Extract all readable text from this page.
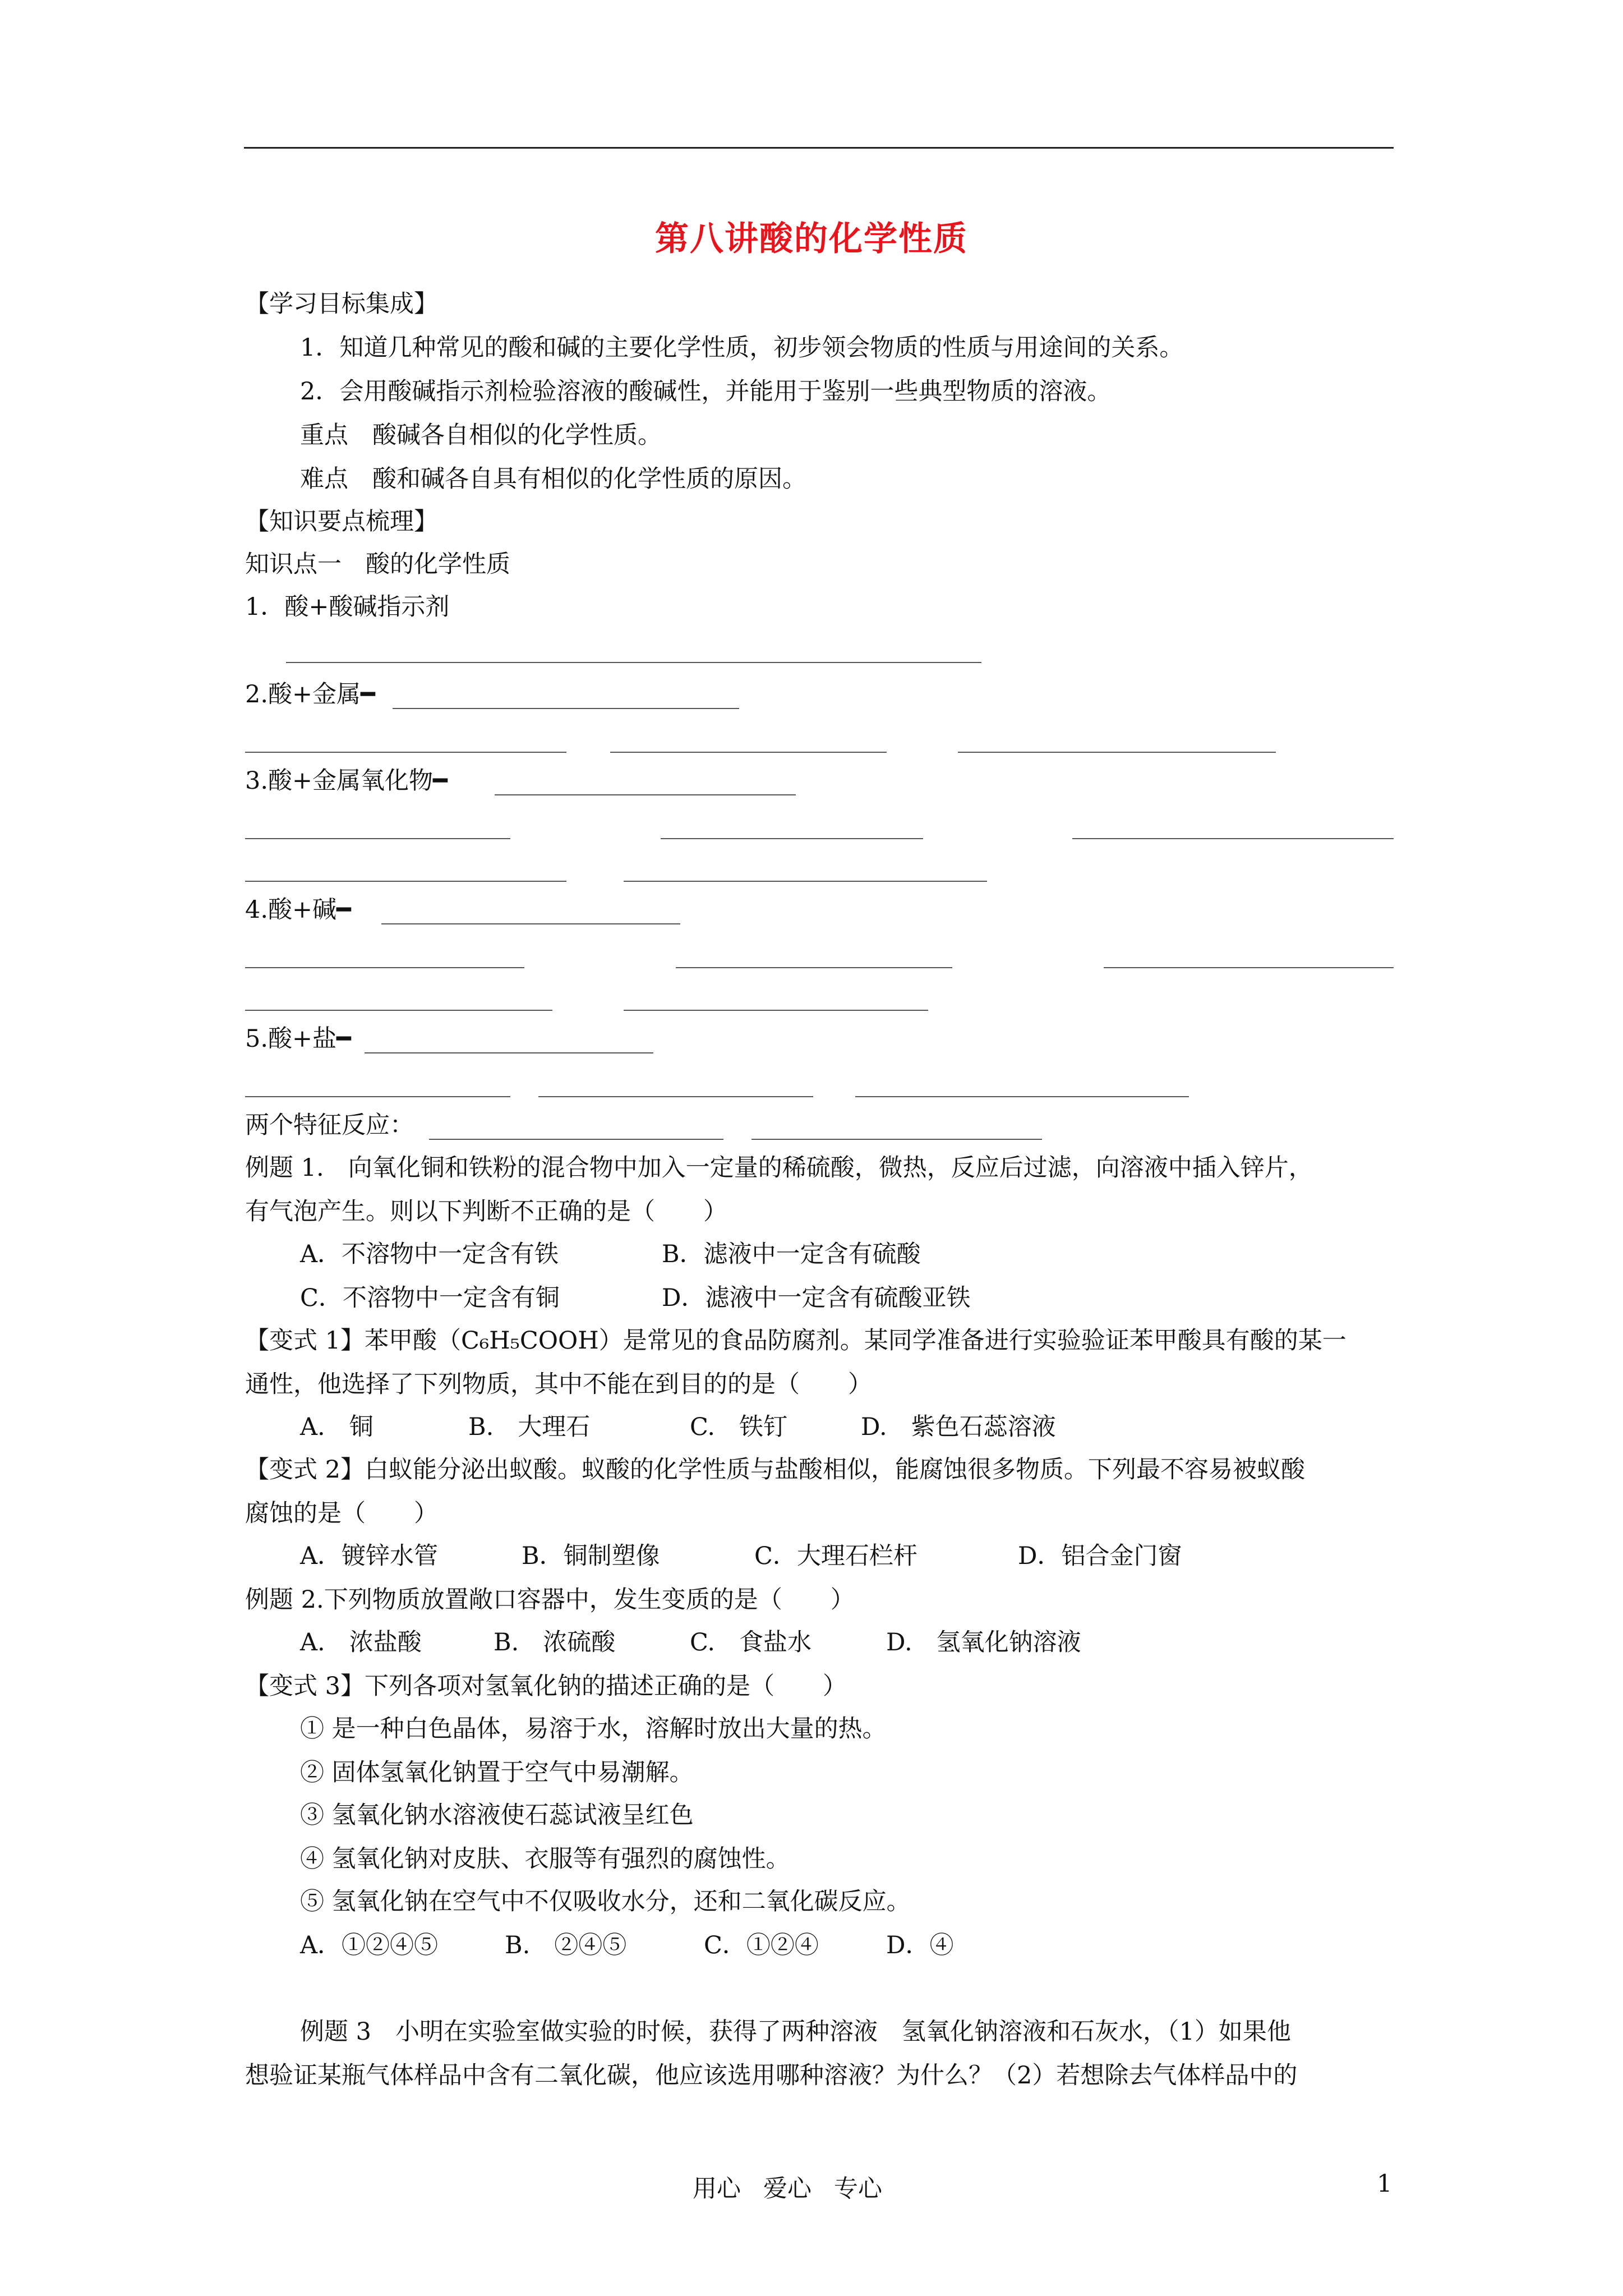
第八讲酸的化学性质
【学习目标集成】
1．知道几种常见的酸和碱的主要化学性质，初步领会物质的性质与用途间的关系。
2．会用酸碱指示剂检验溶液的酸碱性，并能用于鉴别一些典型物质的溶液。
重点　酸碱各自相似的化学性质。
难点　酸和碱各自具有相似的化学性质的原因。
【知识要点梳理】
知识点一　酸的化学性质
1．酸+酸碱指示剂
2.酸+金属━
3.酸+金属氧化物━
4.酸+碱━
5.酸+盐━
两个特征反应：
例题 1.　向氧化铜和铁粉的混合物中加入一定量的稀硫酸，微热，反应后过滤，向溶液中插入锌片，
有气泡产生。则以下判断不正确的是（　　）
A．不溶物中一定含有铁	B．滤液中一定含有硫酸
C．不溶物中一定含有铜	D．滤液中一定含有硫酸亚铁
【变式 1】苯甲酸（C₆H₅COOH）是常见的食品防腐剂。某同学准备进行实验验证苯甲酸具有酸的某一
通性，他选择了下列物质，其中不能在到目的的是（　　）
A.　铜	B.　大理石	C.　铁钉	D.　紫色石蕊溶液
【变式 2】白蚁能分泌出蚁酸。蚁酸的化学性质与盐酸相似，能腐蚀很多物质。下列最不容易被蚁酸
腐蚀的是（　　）
A．镀锌水管	B．铜制塑像	C．大理石栏杆	D．铝合金门窗
例题 2.下列物质放置敞口容器中，发生变质的是（　　）
A.　浓盐酸	B.　浓硫酸	C.　食盐水	D.　氢氧化钠溶液
【变式 3】下列各项对氢氧化钠的描述正确的是（　　）
① 是一种白色晶体，易溶于水，溶解时放出大量的热。
② 固体氢氧化钠置于空气中易潮解。
③ 氢氧化钠水溶液使石蕊试液呈红色
④ 氢氧化钠对皮肤、衣服等有强烈的腐蚀性。
⑤ 氢氧化钠在空气中不仅吸收水分，还和二氧化碳反应。
A．①②④⑤	B.　②④⑤	C．①②④	D．④
例题 3　小明在实验室做实验的时候，获得了两种溶液　氢氧化钠溶液和石灰水，（1）如果他
想验证某瓶气体样品中含有二氧化碳，他应该选用哪种溶液？为什么？（2）若想除去气体样品中的
用心 爱心 专心	1
